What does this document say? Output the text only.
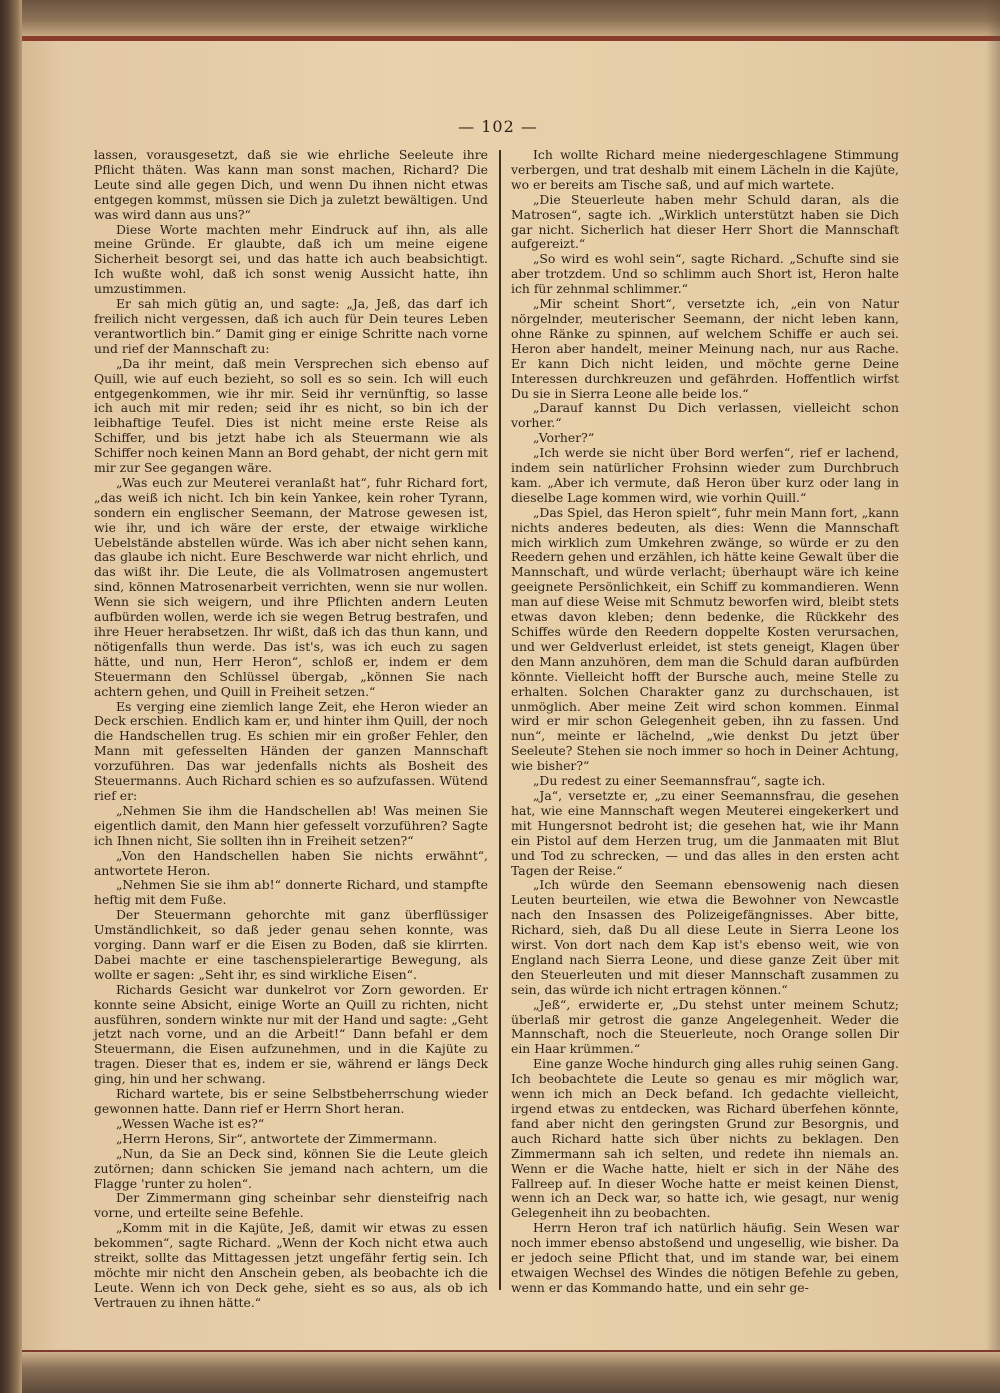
— 102 —

lassen, vorausgesetzt, daß sie wie ehrliche Seeleute ihre Pflicht thäten. Was kann man sonst machen, Richard? Die Leute sind alle gegen Dich, und wenn Du ihnen nicht etwas entgegen kommst, müssen sie Dich ja zuletzt bewältigen. Und was wird dann aus uns?“

Diese Worte machten mehr Eindruck auf ihn, als alle meine Gründe. Er glaubte, daß ich um meine eigene Sicherheit besorgt sei, und das hatte ich auch beabsichtigt. Ich wußte wohl, daß ich sonst wenig Aussicht hatte, ihn umzustimmen.

Er sah mich gütig an, und sagte: „Ja, Jeß, das darf ich freilich nicht vergessen, daß ich auch für Dein teures Leben verantwortlich bin.“ Damit ging er einige Schritte nach vorne und rief der Mannschaft zu:

„Da ihr meint, daß mein Versprechen sich ebenso auf Quill, wie auf euch bezieht, so soll es so sein. Ich will euch entgegenkommen, wie ihr mir. Seid ihr vernünftig, so lasse ich auch mit mir reden; seid ihr es nicht, so bin ich der leibhaftige Teufel. Dies ist nicht meine erste Reise als Schiffer, und bis jetzt habe ich als Steuermann wie als Schiffer noch keinen Mann an Bord gehabt, der nicht gern mit mir zur See gegangen wäre.

„Was euch zur Meuterei veranlaßt hat“, fuhr Richard fort, „das weiß ich nicht. Ich bin kein Yankee, kein roher Tyrann, sondern ein englischer Seemann, der Matrose gewesen ist, wie ihr, und ich wäre der erste, der etwaige wirkliche Uebelstände abstellen würde. Was ich aber nicht sehen kann, das glaube ich nicht. Eure Beschwerde war nicht ehrlich, und das wißt ihr. Die Leute, die als Vollmatrosen angemustert sind, können Matrosenarbeit verrichten, wenn sie nur wollen. Wenn sie sich weigern, und ihre Pflichten andern Leuten aufbürden wollen, werde ich sie wegen Betrug bestrafen, und ihre Heuer herabsetzen. Ihr wißt, daß ich das thun kann, und nötigenfalls thun werde. Das ist's, was ich euch zu sagen hätte, und nun, Herr Heron“, schloß er, indem er dem Steuermann den Schlüssel übergab, „können Sie nach achtern gehen, und Quill in Freiheit setzen.“

Es verging eine ziemlich lange Zeit, ehe Heron wieder an Deck erschien. Endlich kam er, und hinter ihm Quill, der noch die Handschellen trug. Es schien mir ein großer Fehler, den Mann mit gefesselten Händen der ganzen Mannschaft vorzuführen. Das war jedenfalls nichts als Bosheit des Steuermanns. Auch Richard schien es so aufzufassen. Wütend rief er:

„Nehmen Sie ihm die Handschellen ab! Was meinen Sie eigentlich damit, den Mann hier gefesselt vorzuführen? Sagte ich Ihnen nicht, Sie sollten ihn in Freiheit setzen?“

„Von den Handschellen haben Sie nichts erwähnt“, antwortete Heron.

„Nehmen Sie sie ihm ab!“ donnerte Richard, und stampfte heftig mit dem Fuße.

Der Steuermann gehorchte mit ganz überflüssiger Umständlichkeit, so daß jeder genau sehen konnte, was vorging. Dann warf er die Eisen zu Boden, daß sie klirrten. Dabei machte er eine taschenspielerartige Bewegung, als wollte er sagen: „Seht ihr, es sind wirkliche Eisen“.

Richards Gesicht war dunkelrot vor Zorn geworden. Er konnte seine Absicht, einige Worte an Quill zu richten, nicht ausführen, sondern winkte nur mit der Hand und sagte: „Geht jetzt nach vorne, und an die Arbeit!“ Dann befahl er dem Steuermann, die Eisen aufzunehmen, und in die Kajüte zu tragen. Dieser that es, indem er sie, während er längs Deck ging, hin und her schwang.

Richard wartete, bis er seine Selbstbeherrschung wieder gewonnen hatte. Dann rief er Herrn Short heran.

„Wessen Wache ist es?“

„Herrn Herons, Sir“, antwortete der Zimmermann.

„Nun, da Sie an Deck sind, können Sie die Leute gleich zutörnen; dann schicken Sie jemand nach achtern, um die Flagge 'runter zu holen“.

Der Zimmermann ging scheinbar sehr diensteifrig nach vorne, und erteilte seine Befehle.

„Komm mit in die Kajüte, Jeß, damit wir etwas zu essen bekommen“, sagte Richard. „Wenn der Koch nicht etwa auch streikt, sollte das Mittagessen jetzt ungefähr fertig sein. Ich möchte mir nicht den Anschein geben, als beobachte ich die Leute. Wenn ich von Deck gehe, sieht es so aus, als ob ich Vertrauen zu ihnen hätte.“

Ich wollte Richard meine niedergeschlagene Stimmung verbergen, und trat deshalb mit einem Lächeln in die Kajüte, wo er bereits am Tische saß, und auf mich wartete.

„Die Steuerleute haben mehr Schuld daran, als die Matrosen“, sagte ich. „Wirklich unterstützt haben sie Dich gar nicht. Sicherlich hat dieser Herr Short die Mannschaft aufgereizt.“

„So wird es wohl sein“, sagte Richard. „Schufte sind sie aber trotzdem. Und so schlimm auch Short ist, Heron halte ich für zehnmal schlimmer.“

„Mir scheint Short“, versetzte ich, „ein von Natur nörgelnder, meuterischer Seemann, der nicht leben kann, ohne Ränke zu spinnen, auf welchem Schiffe er auch sei. Heron aber handelt, meiner Meinung nach, nur aus Rache. Er kann Dich nicht leiden, und möchte gerne Deine Interessen durchkreuzen und gefährden. Hoffentlich wirfst Du sie in Sierra Leone alle beide los.“

„Darauf kannst Du Dich verlassen, vielleicht schon vorher.“

„Vorher?“

„Ich werde sie nicht über Bord werfen“, rief er lachend, indem sein natürlicher Frohsinn wieder zum Durchbruch kam. „Aber ich vermute, daß Heron über kurz oder lang in dieselbe Lage kommen wird, wie vorhin Quill.“

„Das Spiel, das Heron spielt“, fuhr mein Mann fort, „kann nichts anderes bedeuten, als dies: Wenn die Mannschaft mich wirklich zum Umkehren zwänge, so würde er zu den Reedern gehen und erzählen, ich hätte keine Gewalt über die Mannschaft, und würde verlacht; überhaupt wäre ich keine geeignete Persönlichkeit, ein Schiff zu kommandieren. Wenn man auf diese Weise mit Schmutz beworfen wird, bleibt stets etwas davon kleben; denn bedenke, die Rückkehr des Schiffes würde den Reedern doppelte Kosten verursachen, und wer Geldverlust erleidet, ist stets geneigt, Klagen über den Mann anzuhören, dem man die Schuld daran aufbürden könnte. Vielleicht hofft der Bursche auch, meine Stelle zu erhalten. Solchen Charakter ganz zu durchschauen, ist unmöglich. Aber meine Zeit wird schon kommen. Einmal wird er mir schon Gelegenheit geben, ihn zu fassen. Und nun“, meinte er lächelnd, „wie denkst Du jetzt über Seeleute? Stehen sie noch immer so hoch in Deiner Achtung, wie bisher?“

„Du redest zu einer Seemannsfrau“, sagte ich.

„Ja“, versetzte er, „zu einer Seemannsfrau, die gesehen hat, wie eine Mannschaft wegen Meuterei eingekerkert und mit Hungersnot bedroht ist; die gesehen hat, wie ihr Mann ein Pistol auf dem Herzen trug, um die Janmaaten mit Blut und Tod zu schrecken, — und das alles in den ersten acht Tagen der Reise.“

„Ich würde den Seemann ebensowenig nach diesen Leuten beurteilen, wie etwa die Bewohner von Newcastle nach den Insassen des Polizeigefängnisses. Aber bitte, Richard, sieh, daß Du all diese Leute in Sierra Leone los wirst. Von dort nach dem Kap ist's ebenso weit, wie von England nach Sierra Leone, und diese ganze Zeit über mit den Steuerleuten und mit dieser Mannschaft zusammen zu sein, das würde ich nicht ertragen können.“

„Jeß“, erwiderte er, „Du stehst unter meinem Schutz; überlaß mir getrost die ganze Angelegenheit. Weder die Mannschaft, noch die Steuerleute, noch Orange sollen Dir ein Haar krümmen.“

Eine ganze Woche hindurch ging alles ruhig seinen Gang. Ich beobachtete die Leute so genau es mir möglich war, wenn ich mich an Deck befand. Ich gedachte vielleicht, irgend etwas zu entdecken, was Richard überfehen könnte, fand aber nicht den geringsten Grund zur Besorgnis, und auch Richard hatte sich über nichts zu beklagen. Den Zimmermann sah ich selten, und redete ihn niemals an. Wenn er die Wache hatte, hielt er sich in der Nähe des Fallreep auf. In dieser Woche hatte er meist keinen Dienst, wenn ich an Deck war, so hatte ich, wie gesagt, nur wenig Gelegenheit ihn zu beobachten.

Herrn Heron traf ich natürlich häufig. Sein Wesen war noch immer ebenso abstoßend und ungesellig, wie bisher. Da er jedoch seine Pflicht that, und im stande war, bei einem etwaigen Wechsel des Windes die nötigen Befehle zu geben, wenn er das Kommando hatte, und ein sehr ge-
